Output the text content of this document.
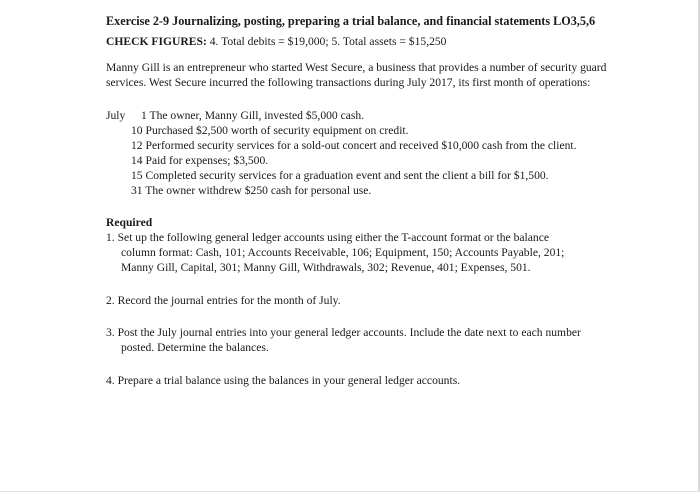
Exercise 2-9 Journalizing, posting, preparing a trial balance, and financial statements LO3,5,6
CHECK FIGURES: 4. Total debits = $19,000; 5. Total assets = $15,250
Manny Gill is an entrepreneur who started West Secure, a business that provides a number of security guard
services. West Secure incurred the following transactions during July 2017, its first month of operations:
July 1 The owner, Manny Gill, invested $5,000 cash.
10 Purchased $2,500 worth of security equipment on credit.
12 Performed security services for a sold-out concert and received $10,000 cash from the client.
14 Paid for expenses; $3,500.
15 Completed security services for a graduation event and sent the client a bill for $1,500.
31 The owner withdrew $250 cash for personal use.
Required
1. Set up the following general ledger accounts using either the T-account format or the balance
column format: Cash, 101; Accounts Receivable, 106; Equipment, 150; Accounts Payable, 201;
Manny Gill, Capital, 301; Manny Gill, Withdrawals, 302; Revenue, 401; Expenses, 501.
2. Record the journal entries for the month of July.
3. Post the July journal entries into your general ledger accounts. Include the date next to each number
posted. Determine the balances.
4. Prepare a trial balance using the balances in your general ledger accounts.
